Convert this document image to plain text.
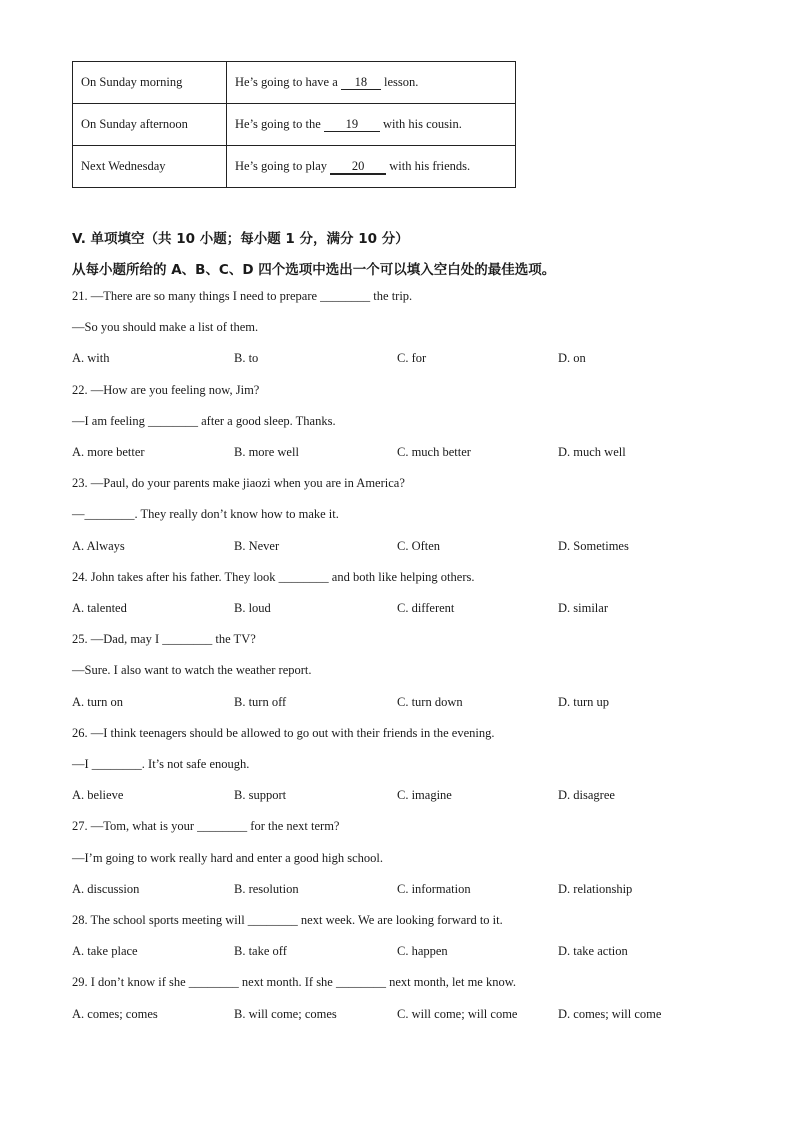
On Sunday morning	He’s going to have a 18 lesson.
On Sunday afternoon	He’s going to the 19 with his cousin.
Next Wednesday	He’s going to play 20 with his friends.
V. 单项填空（共 10 小题；每小题 1 分，满分 10 分）
从每小题所给的 A、B、C、D 四个选项中选出一个可以填入空白处的最佳选项。
21. —There are so many things I need to prepare ________ the trip.
—So you should make a list of them.
A. with	B. to	C. for	D. on
22. —How are you feeling now, Jim?
—I am feeling ________ after a good sleep. Thanks.
A. more better	B. more well	C. much better	D. much well
23. —Paul, do your parents make jiaozi when you are in America?
—________. They really don’t know how to make it.
A. Always	B. Never	C. Often	D. Sometimes
24. John takes after his father. They look ________ and both like helping others.
A. talented	B. loud	C. different	D. similar
25. —Dad, may I ________ the TV?
—Sure. I also want to watch the weather report.
A. turn on	B. turn off	C. turn down	D. turn up
26. —I think teenagers should be allowed to go out with their friends in the evening.
—I ________. It’s not safe enough.
A. believe	B. support	C. imagine	D. disagree
27. —Tom, what is your ________ for the next term?
—I’m going to work really hard and enter a good high school.
A. discussion	B. resolution	C. information	D. relationship
28. The school sports meeting will ________ next week. We are looking forward to it.
A. take place	B. take off	C. happen	D. take action
29. I don’t know if she ________ next month. If she ________ next month, let me know.
A. comes; comes	B. will come; comes	C. will come; will come	D. comes; will come
